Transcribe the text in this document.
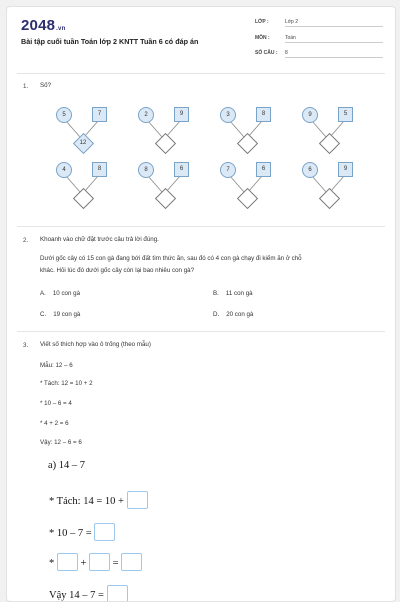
2048.vn
Bài tập cuối tuần Toán lớp 2 KNTT Tuần 6 có đáp án
LỚP :	Lớp 2
MÔN :	Toán
SỐ CÂU : 8
1. Số?
5	7
12
2	9	3	8	9	5
4	8	8	6	7	6	6	9
2. Khoanh vào chữ đặt trước câu trả lời đúng.
Dưới gốc cây có 15 con gà đang bới đất tìm thức ăn, sau đó có 4 con gà chạy đi kiếm ăn ở chỗ
khác. Hỏi lúc đó dưới gốc cây còn lại bao nhiêu con gà?
A. 10 con gà	B. 11 con gà
C. 19 con gà	D. 20 con gà
3. Viết số thích hợp vào ô trống (theo mẫu)
Mẫu: 12 – 6
* Tách: 12 = 10 + 2
* 10 – 6 = 4
* 4 + 2 = 6
Vậy: 12 – 6 = 6
a) 14 – 7
* Tách: 14 = 10 +
* 10 – 7 =
*	+	=
Vậy 14 – 7 =
